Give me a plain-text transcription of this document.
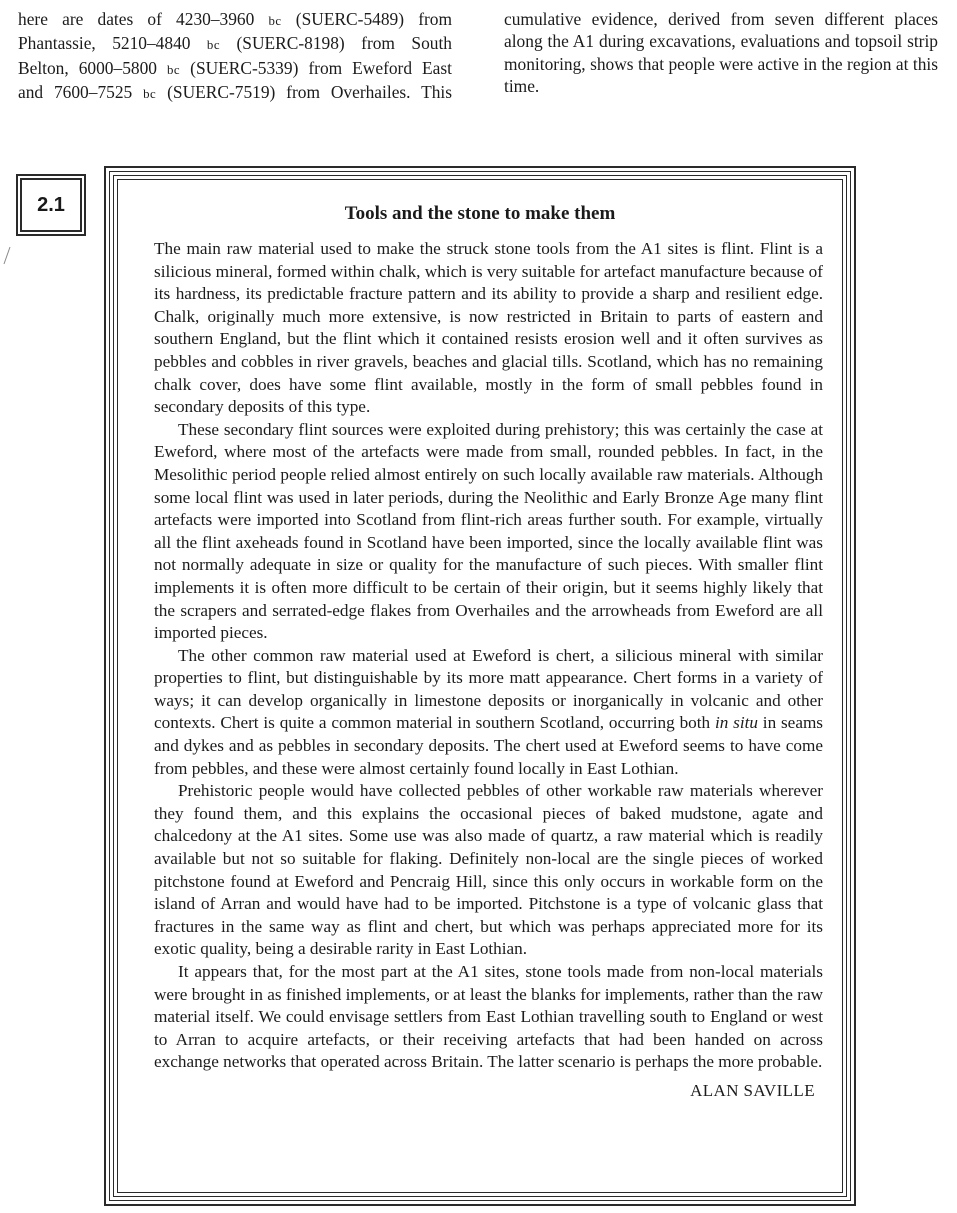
here are dates of 4230–3960 bc (SUERC-5489) from
Phantassie, 5210–4840 bc (SUERC-8198) from South
Belton, 6000–5800 bc (SUERC-5339) from Eweford East
and 7600–7525 bc (SUERC-7519) from Overhailes. This
cumulative evidence, derived from seven different places along the A1 during excavations, evaluations and topsoil strip monitoring, shows that people were active in the region at this time.
2.1	Tools and the stone to make them

The main raw material used to make the struck stone tools from the A1 sites is flint. Flint is a silicious mineral, formed within chalk, which is very suitable for artefact manufacture because of its hardness, its predictable fracture pattern and its ability to provide a sharp and resilient edge. Chalk, originally much more extensive, is now restricted in Britain to parts of eastern and southern England, but the flint which it contained resists erosion well and it often survives as pebbles and cobbles in river gravels, beaches and glacial tills. Scotland, which has no remaining chalk cover, does have some flint available, mostly in the form of small pebbles found in secondary deposits of this type.

These secondary flint sources were exploited during prehistory; this was certainly the case at Eweford, where most of the artefacts were made from small, rounded pebbles. In fact, in the Mesolithic period people relied almost entirely on such locally available raw materials. Although some local flint was used in later periods, during the Neolithic and Early Bronze Age many flint artefacts were imported into Scotland from flint-rich areas further south. For example, virtually all the flint axeheads found in Scotland have been imported, since the locally available flint was not normally adequate in size or quality for the manufacture of such pieces. With smaller flint implements it is often more difficult to be certain of their origin, but it seems highly likely that the scrapers and serrated-edge flakes from Overhailes and the arrowheads from Eweford are all imported pieces.

The other common raw material used at Eweford is chert, a silicious mineral with similar properties to flint, but distinguishable by its more matt appearance. Chert forms in a variety of ways; it can develop organically in limestone deposits or inorganically in volcanic and other contexts. Chert is quite a common material in southern Scotland, occurring both in situ in seams and dykes and as pebbles in secondary deposits. The chert used at Eweford seems to have come from pebbles, and these were almost certainly found locally in East Lothian.

Prehistoric people would have collected pebbles of other workable raw materials wherever they found them, and this explains the occasional pieces of baked mudstone, agate and chalcedony at the A1 sites. Some use was also made of quartz, a raw material which is readily available but not so suitable for flaking. Definitely non-local are the single pieces of worked pitchstone found at Eweford and Pencraig Hill, since this only occurs in workable form on the island of Arran and would have had to be imported. Pitchstone is a type of volcanic glass that fractures in the same way as flint and chert, but which was perhaps appreciated more for its exotic quality, being a desirable rarity in East Lothian.

It appears that, for the most part at the A1 sites, stone tools made from non-local materials were brought in as finished implements, or at least the blanks for implements, rather than the raw material itself. We could envisage settlers from East Lothian travelling south to England or west to Arran to acquire artefacts, or their receiving artefacts that had been handed on across exchange networks that operated across Britain. The latter scenario is perhaps the more probable.

ALAN SAVILLE
